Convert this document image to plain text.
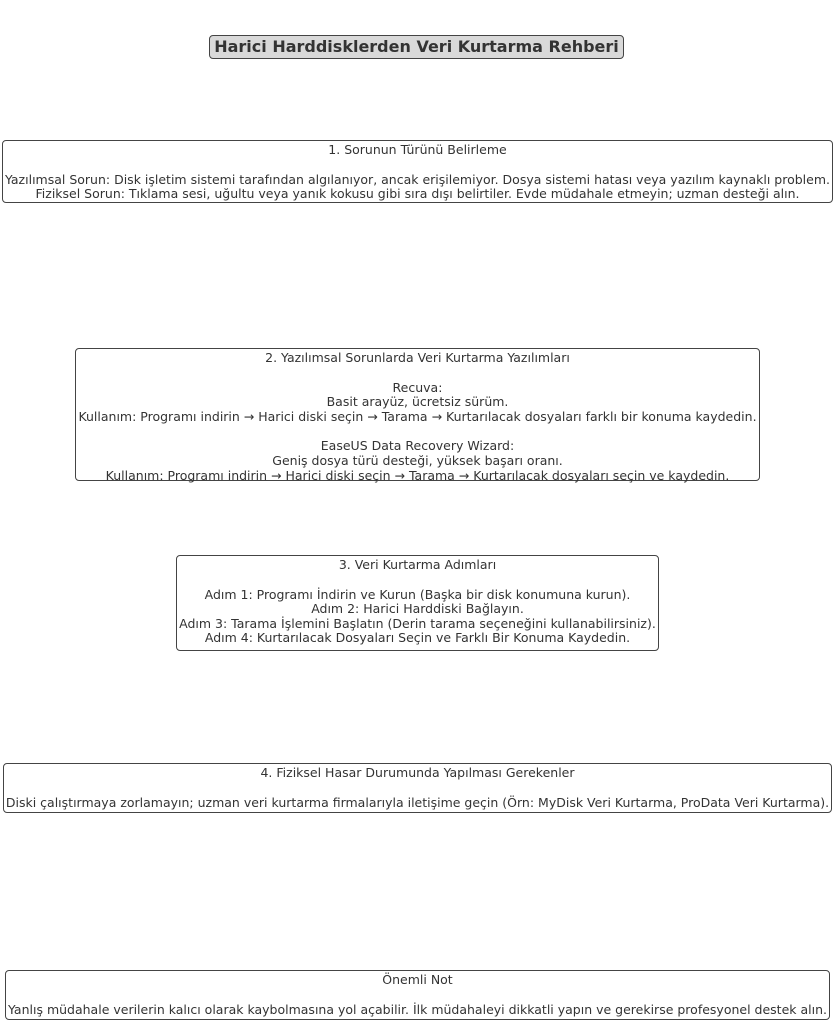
Harici Harddisklerden Veri Kurtarma Rehberi
1. Sorunun Türünü Belirleme
Yazılımsal Sorun: Disk işletim sistemi tarafından algılanıyor, ancak erişilemiyor. Dosya sistemi hatası veya yazılım kaynaklı problem.
Fiziksel Sorun: Tıklama sesi, uğultu veya yanık kokusu gibi sıra dışı belirtiler. Evde müdahale etmeyin; uzman desteği alın.
2. Yazılımsal Sorunlarda Veri Kurtarma Yazılımları
Recuva:
Basit arayüz, ücretsiz sürüm.
Kullanım: Programı indirin → Harici diski seçin → Tarama → Kurtarılacak dosyaları farklı bir konuma kaydedin.
EaseUS Data Recovery Wizard:
Geniş dosya türü desteği, yüksek başarı oranı.
Kullanım: Programı indirin → Harici diski seçin → Tarama → Kurtarılacak dosyaları seçin ve kaydedin.
3. Veri Kurtarma Adımları
Adım 1: Programı İndirin ve Kurun (Başka bir disk konumuna kurun).
Adım 2: Harici Harddiski Bağlayın.
Adım 3: Tarama İşlemini Başlatın (Derin tarama seçeneğini kullanabilirsiniz).
Adım 4: Kurtarılacak Dosyaları Seçin ve Farklı Bir Konuma Kaydedin.
4. Fiziksel Hasar Durumunda Yapılması Gerekenler
Diski çalıştırmaya zorlamayın; uzman veri kurtarma firmalarıyla iletişime geçin (Örn: MyDisk Veri Kurtarma, ProData Veri Kurtarma).
Önemli Not
Yanlış müdahale verilerin kalıcı olarak kaybolmasına yol açabilir. İlk müdahaleyi dikkatli yapın ve gerekirse profesyonel destek alın.
